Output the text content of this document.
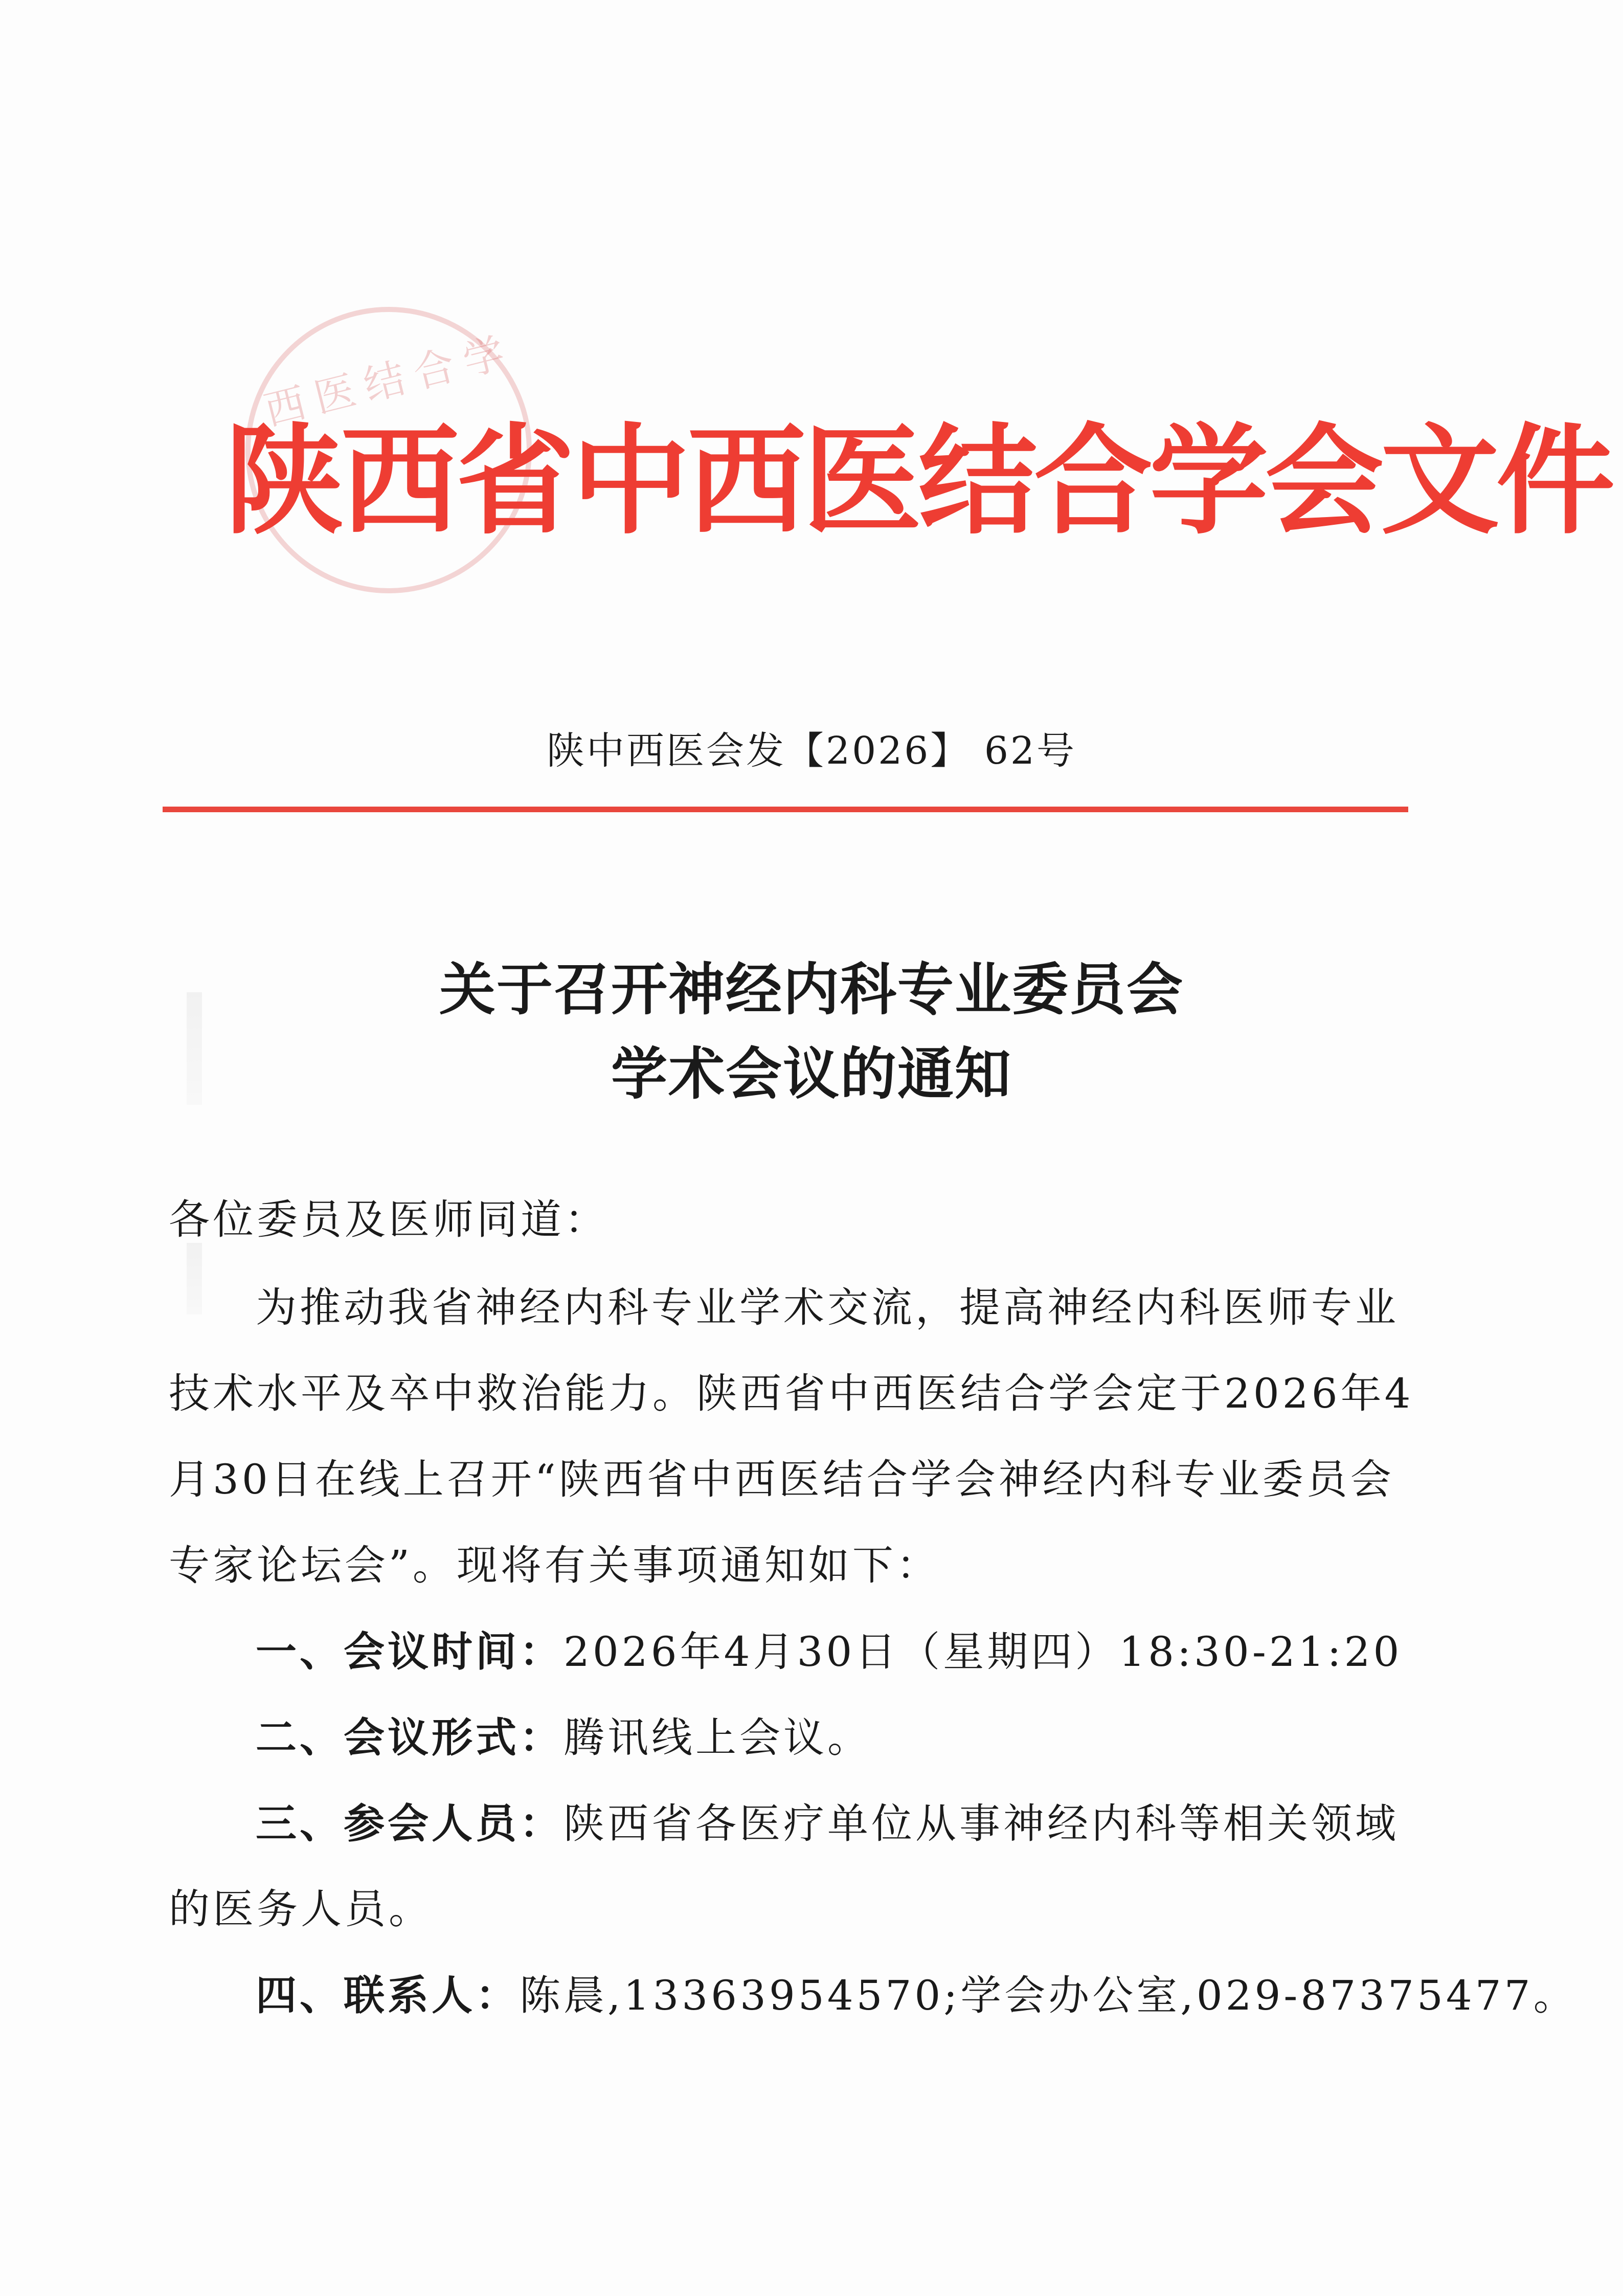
西医结合学
陕西省中西医结合学会文件
陕中西医会发【2026】 62号
关于召开神经内科专业委员会
学术会议的通知
各位委员及医师同道：
为推动我省神经内科专业学术交流，提高神经内科医师专业
技术水平及卒中救治能力。陕西省中西医结合学会定于2026年4
月30日在线上召开“陕西省中西医结合学会神经内科专业委员会
专家论坛会”。现将有关事项通知如下：
一、会议时间：2026年4月30日（星期四）18:30-21:20
二、会议形式：腾讯线上会议。
三、参会人员：陕西省各医疗单位从事神经内科等相关领域
的医务人员。
四、联系人：陈晨,13363954570;学会办公室,029-87375477。
